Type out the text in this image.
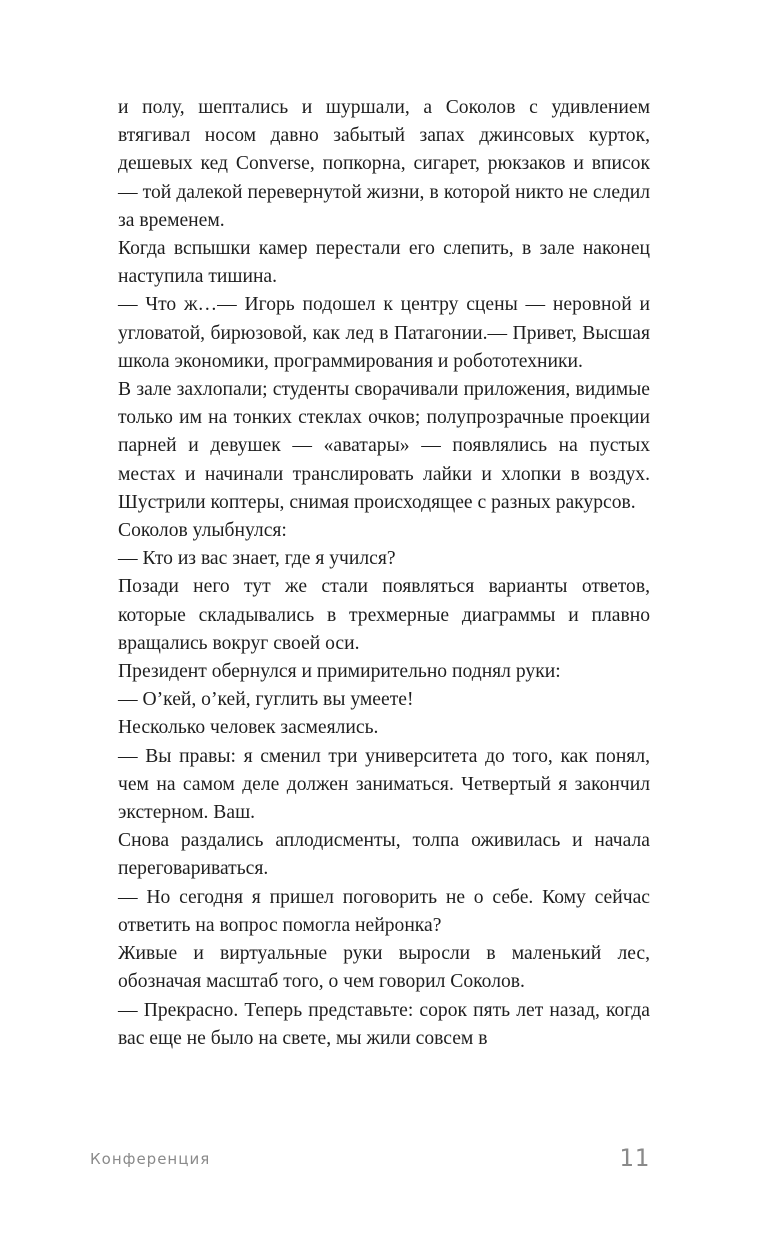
и полу, шептались и шуршали, а Соколов с удивлением втягивал носом давно забытый запах джинсовых курток, дешевых кед Converse, попкорна, сигарет, рюкзаков и вписок — той далекой перевернутой жизни, в которой никто не следил за временем.

Когда вспышки камер перестали его слепить, в зале наконец наступила тишина.

— Что ж…— Игорь подошел к центру сцены — неровной и угловатой, бирюзовой, как лед в Патагонии.— Привет, Высшая школа экономики, программирования и робототехники.

В зале захлопали; студенты сворачивали приложения, видимые только им на тонких стеклах очков; полупрозрачные проекции парней и девушек — «аватары» — появлялись на пустых местах и начинали транслировать лайки и хлопки в воздух. Шустрили коптеры, снимая происходящее с разных ракурсов.

Соколов улыбнулся:

— Кто из вас знает, где я учился?

Позади него тут же стали появляться варианты ответов, которые складывались в трехмерные диаграммы и плавно вращались вокруг своей оси.

Президент обернулся и примирительно поднял руки:

— О’кей, о’кей, гуглить вы умеете!

Несколько человек засмеялись.

— Вы правы: я сменил три университета до того, как понял, чем на самом деле должен заниматься. Четвертый я закончил экстерном. Ваш.

Снова раздались аплодисменты, толпа оживилась и начала переговариваться.

— Но сегодня я пришел поговорить не о себе. Кому сейчас ответить на вопрос помогла нейронка?

Живые и виртуальные руки выросли в маленький лес, обозначая масштаб того, о чем говорил Соколов.

— Прекрасно. Теперь представьте: сорок пять лет назад, когда вас еще не было на свете, мы жили совсем в

Конференция	11
